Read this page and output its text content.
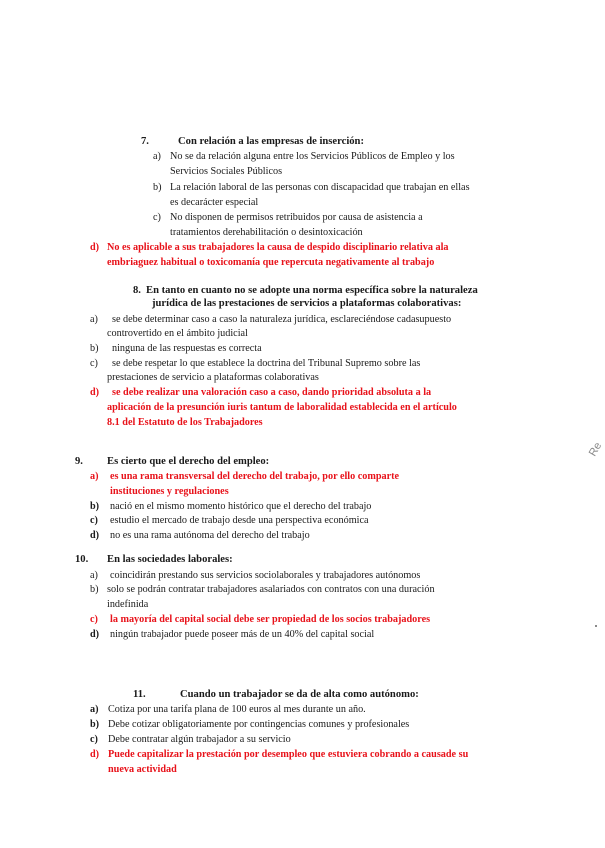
7.	Con relación a las empresas de inserción:
a) No se da relación alguna entre los Servicios Públicos de Empleo y los
Servicios Sociales Públicos
b) La relación laboral de las personas con discapacidad que trabajan en ellas
es decarácter especial
c) No disponen de permisos retribuidos por causa de asistencia a
tratamientos derehabilitación o desintoxicación
d) No es aplicable a sus trabajadores la causa de despido disciplinario relativa ala
embriaguez habitual o toxicomanía que repercuta negativamente al trabajo
8. En tanto en cuanto no se adopte una norma específica sobre la naturaleza
jurídica de las prestaciones de servicios a plataformas colaborativas:
a) se debe determinar caso a caso la naturaleza jurídica, esclareciéndose cadasupuesto
controvertido en el ámbito judicial
b) ninguna de las respuestas es correcta
c) se debe respetar lo que establece la doctrina del Tribunal Supremo sobre las
prestaciones de servicio a plataformas colaborativas
d) se debe realizar una valoración caso a caso, dando prioridad absoluta a la
aplicación de la presunción iuris tantum de laboralidad establecida en el artículo
8.1 del Estatuto de los Trabajadores
9. Es cierto que el derecho del empleo:
a) es una rama transversal del derecho del trabajo, por ello comparte
instituciones y regulaciones
b) nació en el mismo momento histórico que el derecho del trabajo
c) estudio el mercado de trabajo desde una perspectiva económica
d) no es una rama autónoma del derecho del trabajo
10. En las sociedades laborales:
a) coincidirán prestando sus servicios sociolaborales y trabajadores autónomos
b) solo se podrán contratar trabajadores asalariados con contratos con una duración
indefinida
c) la mayoría del capital social debe ser propiedad de los socios trabajadores
d) ningún trabajador puede poseer más de un 40% del capital social
11.	Cuando un trabajador se da de alta como autónomo:
a) Cotiza por una tarifa plana de 100 euros al mes durante un año.
b) Debe cotizar obligatoriamente por contingencias comunes y profesionales
c) Debe contratar algún trabajador a su servicio
d) Puede capitalizar la prestación por desempleo que estuviera cobrando a causade su
nueva actividad
Re
